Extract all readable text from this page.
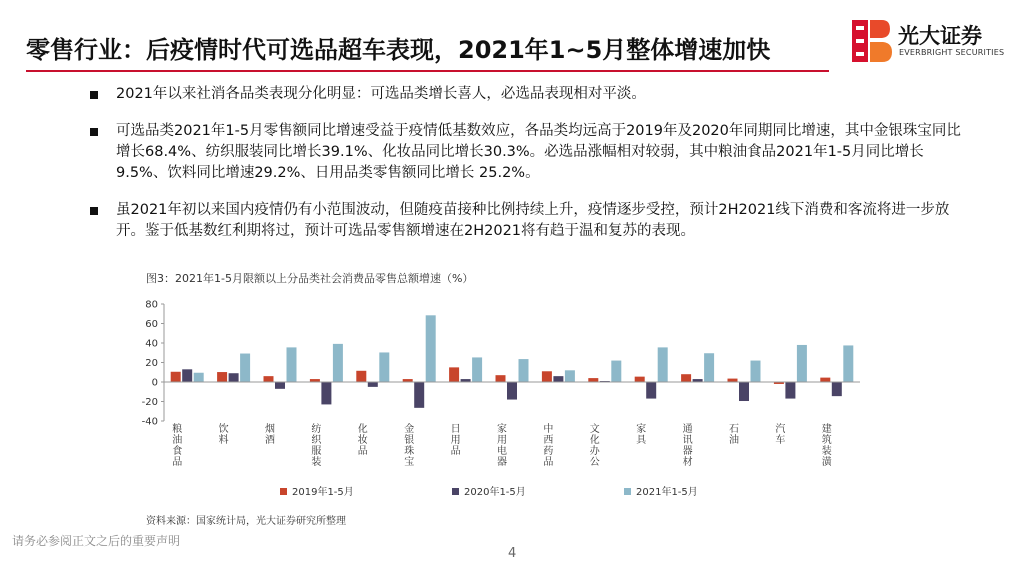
零售行业：后疫情时代可选品超车表现，2021年1~5月整体增速加快	光大证券
EVERBRIGHT SECURITIES
2021年以来社消各品类表现分化明显：可选品类增长喜人，必选品表现相对平淡。
可选品类2021年1-5月零售额同比增速受益于疫情低基数效应，各品类均远高于2019年及2020年同期同比增速，其中金银珠宝同比增长68.4%、纺织服装同比增长39.1%、化妆品同比增长30.3%。必选品涨幅相对较弱，其中粮油食品2021年1-5月同比增长9.5%、饮料同比增速29.2%、日用品类零售额同比增长 25.2%。
虽2021年初以来国内疫情仍有小范围波动，但随疫苗接种比例持续上升，疫情逐步受控，预计2H2021线下消费和客流将进一步放开。鉴于低基数红利期将过，预计可选品零售额增速在2H2021将有趋于温和复苏的表现。
图3：2021年1-5月限额以上分品类社会消费品零售总额增速（%）
80
60
40
20
0
-20
-40
粮油食品
饮料
烟酒
纺织服装
化妆品
金银珠宝
日用品
家用电器
中西药品
文化办公
家具
通讯器材
石油
汽车
建筑装潢
2019年1-5月	2020年1-5月	2021年1-5月
资料来源：国家统计局，光大证券研究所整理
请务必参阅正文之后的重要声明
4
